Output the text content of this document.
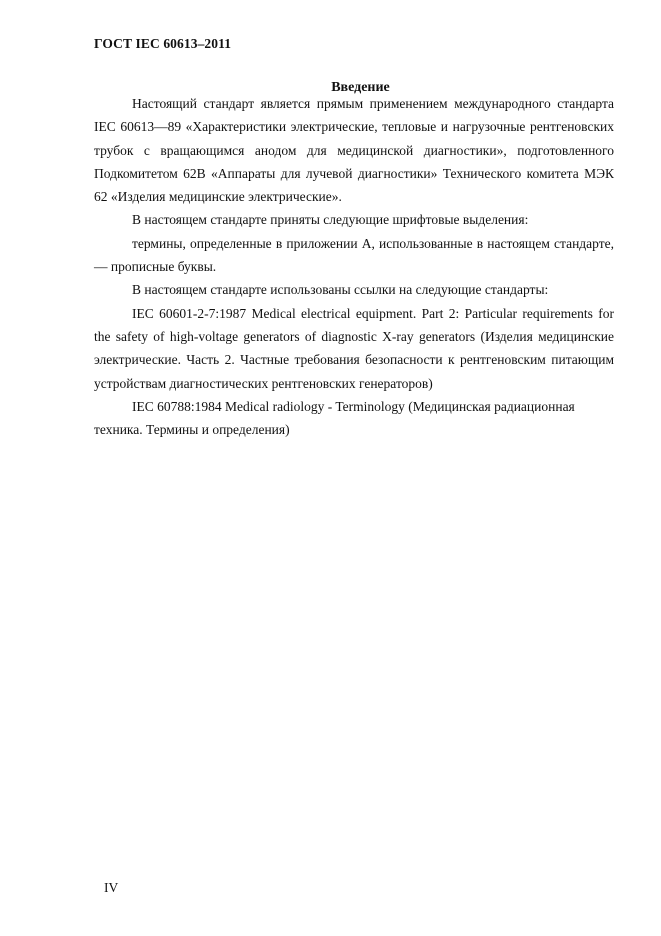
ГОСТ IEC 60613–2011
Введение

Настоящий стандарт является прямым применением международного стандарта IEC 60613—89 «Характеристики электрические, тепловые и нагрузочные рентгеновских трубок с вращающимся анодом для медицинской диагностики», подготовленного Подкомитетом 62В «Аппараты для лучевой диагностики» Технического комитета МЭК 62 «Изделия медицинские электрические».

В настоящем стандарте приняты следующие шрифтовые выделения:

термины, определенные в приложении А, использованные в настоящем стандарте, — прописные буквы.

В настоящем стандарте использованы ссылки на следующие стандарты:

IEC 60601-2-7:1987 Medical electrical equipment. Part 2: Particular requirements for the safety of high-voltage generators of diagnostic X-ray generators (Изделия медицинские электрические. Часть 2. Частные требования безопасности к рентгеновским питающим устройствам диагностических рентгеновских генераторов)

IEC 60788:1984 Medical radiology - Terminology (Медицинская радиационная техника. Термины и определения)

IV
